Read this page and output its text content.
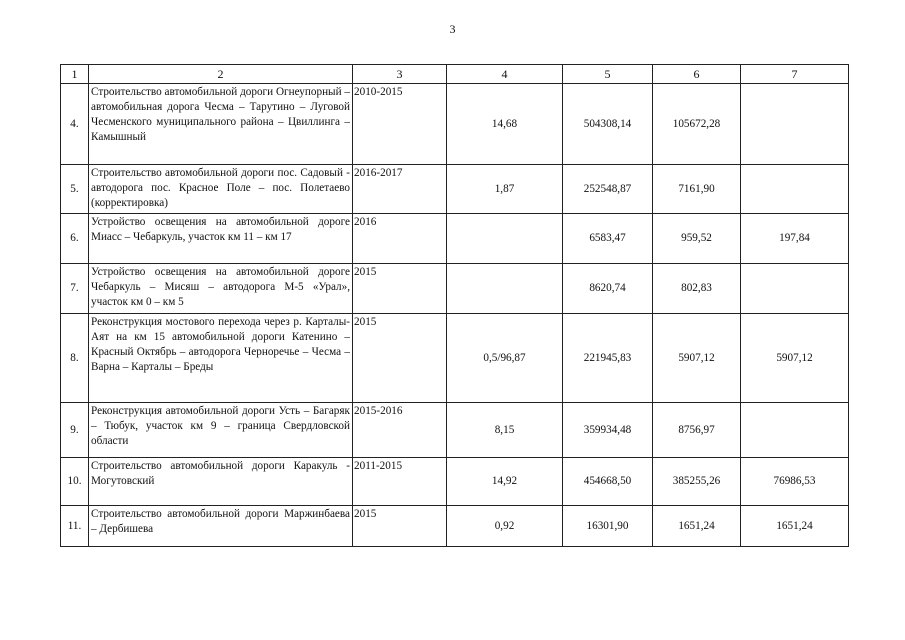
3
1	2	3	4	5	6	7
4.	Строительство автомобильной дороги Огнеупорный – автомобильная дорога Чесма – Тарутино – Луговой Чесменского муниципального района – Цвиллинга – Камышный	2010-2015	14,68	504308,14	105672,28	
5.	Строительство автомобильной дороги пос. Садовый - автодорога пос. Красное Поле – пос. Полетаево (корректировка)	2016-2017	1,87	252548,87	7161,90	
6.	Устройство освещения на автомобильной дороге Миасс – Чебаркуль, участок км 11 – км 17	2016		6583,47	959,52	197,84
7.	Устройство освещения на автомобильной дороге Чебаркуль – Мисяш – автодорога М-5 «Урал», участок км 0 – км 5	2015		8620,74	802,83	
8.	Реконструкция мостового перехода через р. Карталы-Аят на км 15 автомобильной дороги Катенино – Красный Октябрь – автодорога Черноречье – Чесма – Варна – Карталы – Бреды	2015	0,5/96,87	221945,83	5907,12	5907,12
9.	Реконструкция автомобильной дороги Усть – Багаряк – Тюбук, участок км 9 – граница Свердловской области	2015-2016	8,15	359934,48	8756,97	
10.	Строительство автомобильной дороги Каракуль - Могутовский	2011-2015	14,92	454668,50	385255,26	76986,53
11.	Строительство автомобильной дороги Маржинбаева – Дербишева	2015	0,92	16301,90	1651,24	1651,24
